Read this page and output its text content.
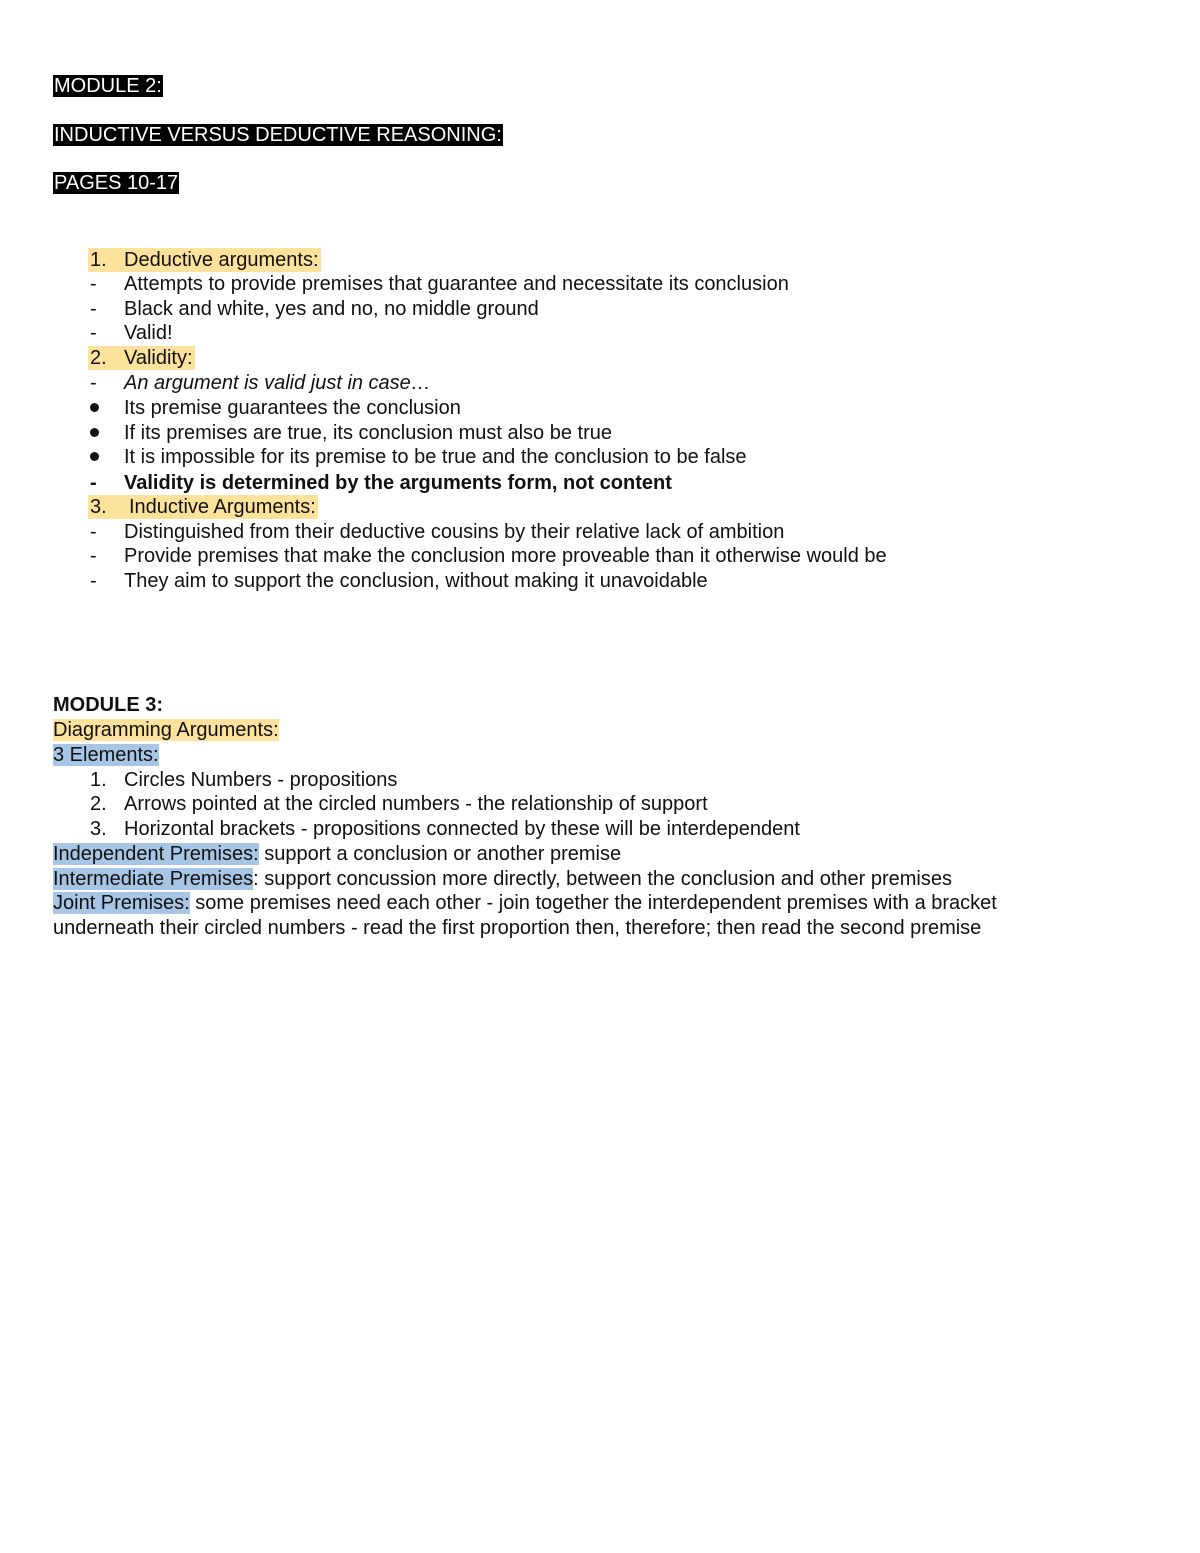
MODULE 2:
INDUCTIVE VERSUS DEDUCTIVE REASONING:
PAGES 10-17
1. Deductive arguments:
-	Attempts to provide premises that guarantee and necessitate its conclusion
-	Black and white, yes and no, no middle ground
-	Valid!
2. Validity:
-	An argument is valid just in case…
Its premise guarantees the conclusion
If its premises are true, its conclusion must also be true
It is impossible for its premise to be true and the conclusion to be false
-	Validity is determined by the arguments form, not content
3.	Inductive Arguments:
-	Distinguished from their deductive cousins by their relative lack of ambition
-	Provide premises that make the conclusion more proveable than it otherwise would be
-	They aim to support the conclusion, without making it unavoidable
MODULE 3:
Diagramming Arguments:
3 Elements:
1. Circles Numbers - propositions
2. Arrows pointed at the circled numbers - the relationship of support
3. Horizontal brackets - propositions connected by these will be interdependent
Independent Premises: support a conclusion or another premise
Intermediate Premises: support concussion more directly, between the conclusion and other premises
Joint Premises: some premises need each other - join together the interdependent premises with a bracket
underneath their circled numbers - read the first proportion then, therefore; then read the second premise
